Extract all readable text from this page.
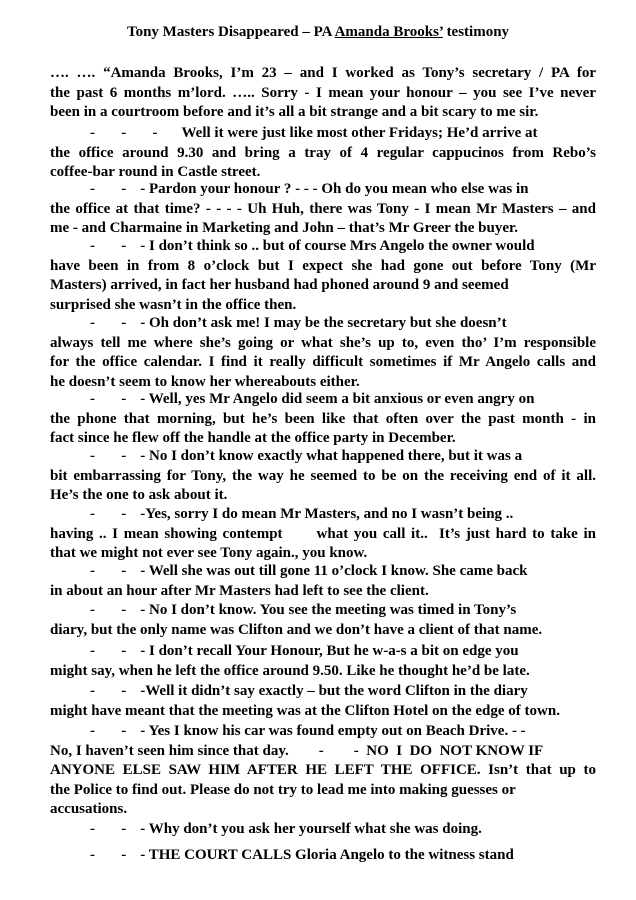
Tony Masters Disappeared – PA Amanda Brooks’ testimony
…. …. “Amanda Brooks, I’m 23 – and I worked as Tony’s secretary / PA for
the past 6 months m’lord. ….. Sorry - I mean your honour – you see I’ve never
been in a courtroom before and it’s all a bit strange and a bit scary to me sir.
-       -       - Well it were just like most other Fridays; He’d arrive at
the office around 9.30 and bring a tray of 4 regular cappucinos from Rebo’s
coffee-bar round in Castle street.
-       - - Pardon your honour ? - - - Oh do you mean who else was in
the office at that time? - - - - Uh Huh, there was Tony - I mean Mr Masters – and
me - and Charmaine in Marketing and John – that’s Mr Greer the buyer.
-       - - I don’t think so .. but of course Mrs Angelo the owner would
have been in from 8 o’clock but I expect she had gone out before Tony (Mr
Masters) arrived, in fact her husband had phoned around 9 and seemed
surprised she wasn’t in the office then.
-       - - Oh don’t ask me! I may be the secretary but she doesn’t
always tell me where she’s going or what she’s up to, even tho’ I’m responsible
for the office calendar. I find it really difficult sometimes if Mr Angelo calls and
he doesn’t seem to know her whereabouts either.
-       - - Well, yes Mr Angelo did seem a bit anxious or even angry on
the phone that morning, but he’s been like that often over the past month - in
fact since he flew off the handle at the office party in December.
-       - - No I don’t know exactly what happened there, but it was a
bit embarrassing for Tony, the way he seemed to be on the receiving end of it all.
He’s the one to ask about it.
-       - -Yes, sorry I do mean Mr Masters, and no I wasn’t being ..
having .. I mean showing contempt      what you call it..  It’s just hard to take in
that we might not ever see Tony again., you know.
-       - - Well she was out till gone 11 o’clock I know. She came back
in about an hour after Mr Masters had left to see the client.
-       - - No I don’t know. You see the meeting was timed in Tony’s
diary, but the only name was Clifton and we don’t have a client of that name.
-       - - I don’t recall Your Honour, But he w-a-s a bit on edge you
might say, when he left the office around 9.50. Like he thought he’d be late.
-       - -Well it didn’t say exactly – but the word Clifton in the diary
might have meant that the meeting was at the Clifton Hotel on the edge of town.
-       - - Yes I know his car was found empty out on Beach Drive. - -
No, I haven’t seen him since that day.        -        -  NO  I  DO  NOT KNOW IF
ANYONE ELSE SAW HIM AFTER HE LEFT THE OFFICE. Isn’t that up to
the Police to find out. Please do not try to lead me into making guesses or
accusations.
-       - - Why don’t you ask her yourself what she was doing.
-       - - THE COURT CALLS Gloria Angelo to the witness stand
